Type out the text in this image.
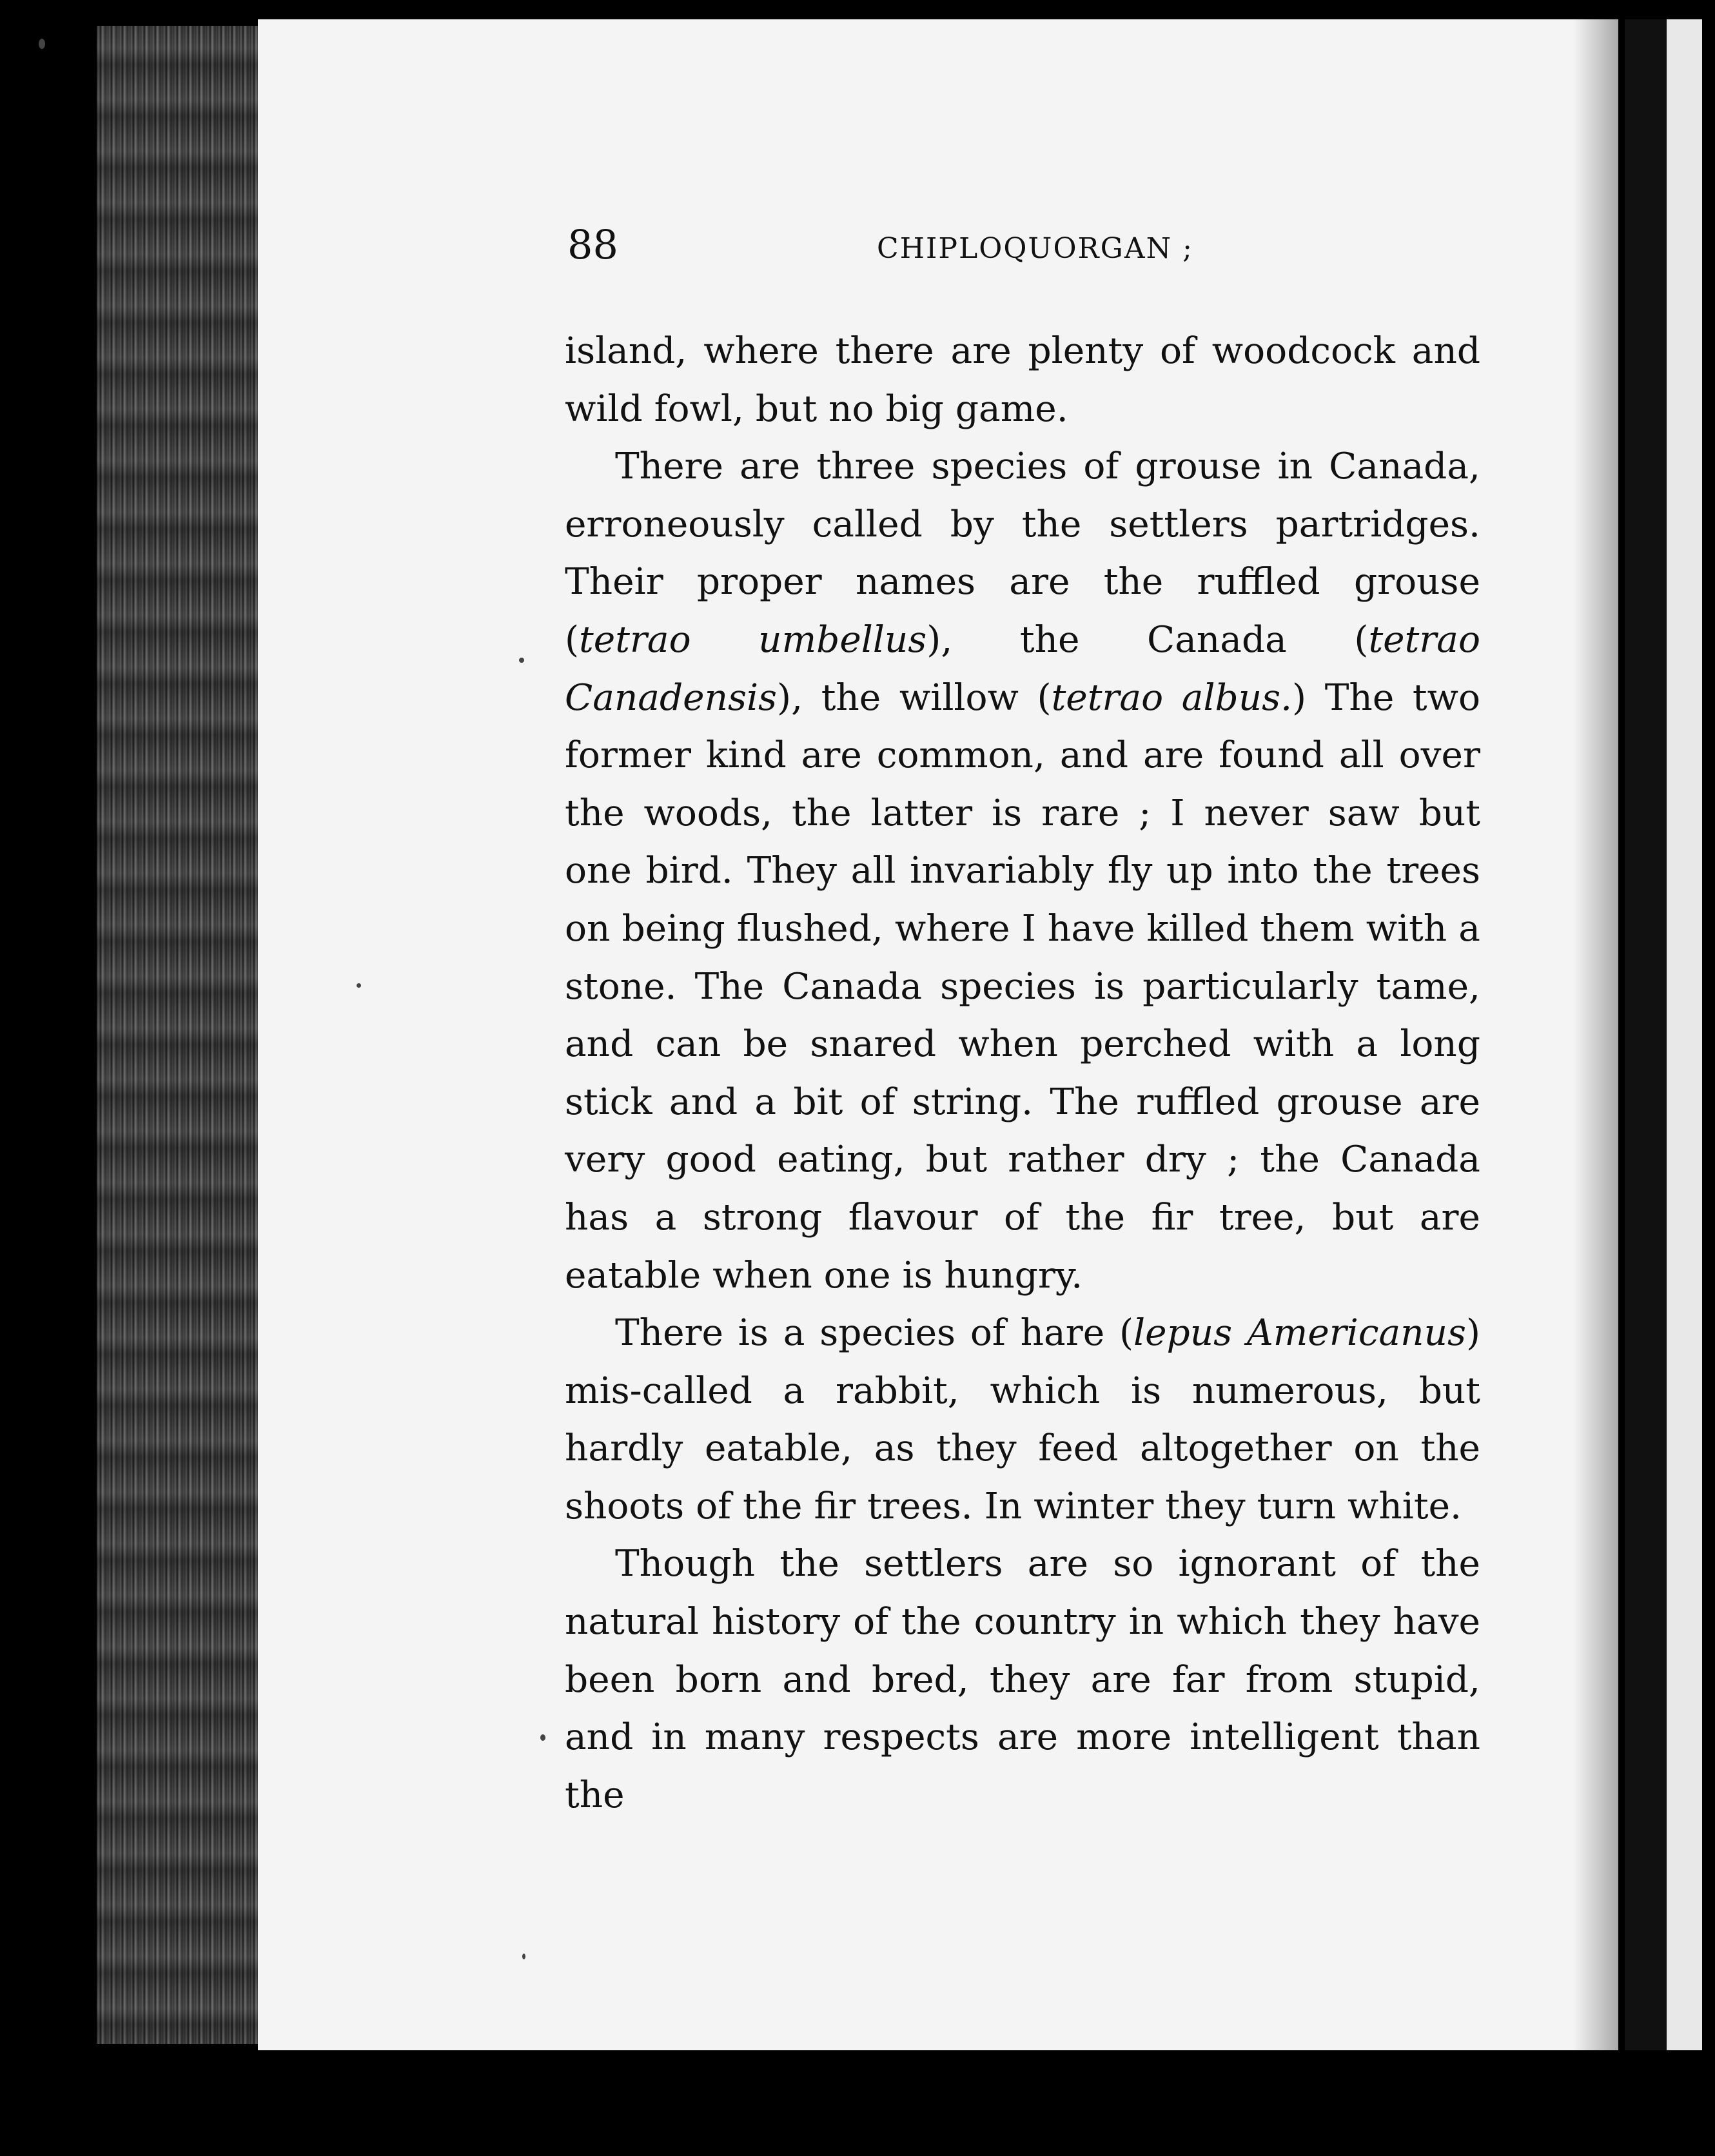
88	CHIPLOQUORGAN ;

island, where there are plenty of woodcock and wild fowl, but no big game.

There are three species of grouse in Canada, erroneously called by the settlers partridges. Their proper names are the ruffled grouse (tetrao umbellus), the Canada (tetrao Canadensis), the willow (tetrao albus.) The two former kind are common, and are found all over the woods, the latter is rare ; I never saw but one bird. They all invariably fly up into the trees on being flushed, where I have killed them with a stone. The Canada species is particularly tame, and can be snared when perched with a long stick and a bit of string. The ruffled grouse are very good eating, but rather dry ; the Canada has a strong flavour of the fir tree, but are eatable when one is hungry.

There is a species of hare (lepus Americanus) mis-called a rabbit, which is numerous, but hardly eatable, as they feed altogether on the shoots of the fir trees. In winter they turn white.

Though the settlers are so ignorant of the natural history of the country in which they have been born and bred, they are far from stupid, and in many respects are more intelligent than the
